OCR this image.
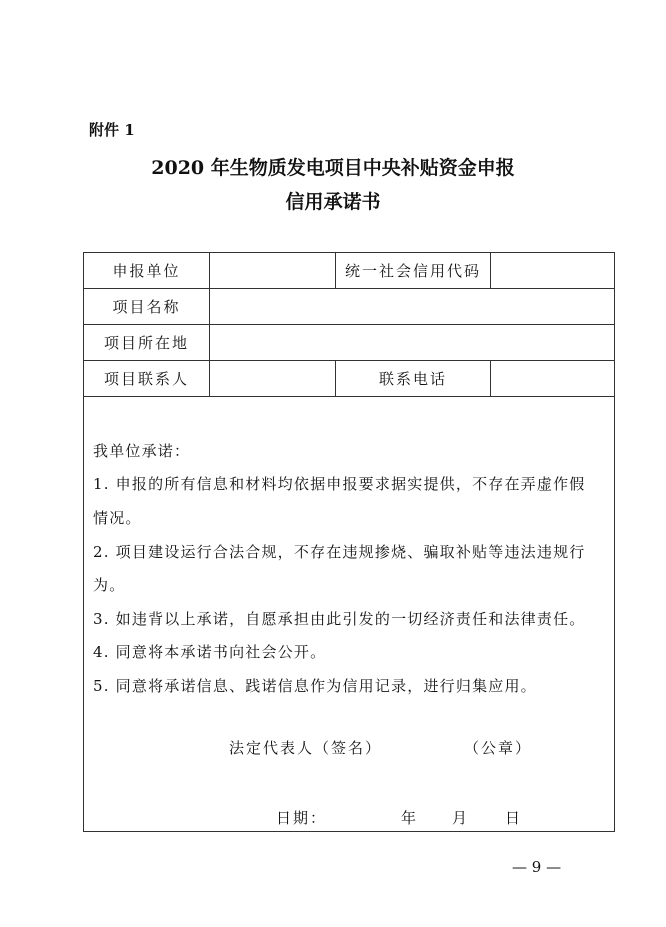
附件 1
2020 年生物质发电项目中央补贴资金申报
信用承诺书
申报单位	统一社会信用代码
项目名称
项目所在地
项目联系人	联系电话
我单位承诺：
1. 申报的所有信息和材料均依据申报要求据实提供，不存在弄虚作假
情况。
2. 项目建设运行合法合规，不存在违规掺烧、骗取补贴等违法违规行
为。
3. 如违背以上承诺，自愿承担由此引发的一切经济责任和法律责任。
4. 同意将本承诺书向社会公开。
5. 同意将承诺信息、践诺信息作为信用记录，进行归集应用。
法定代表人（签名）	（公章）
日期：	年 月 日
— 9 —
